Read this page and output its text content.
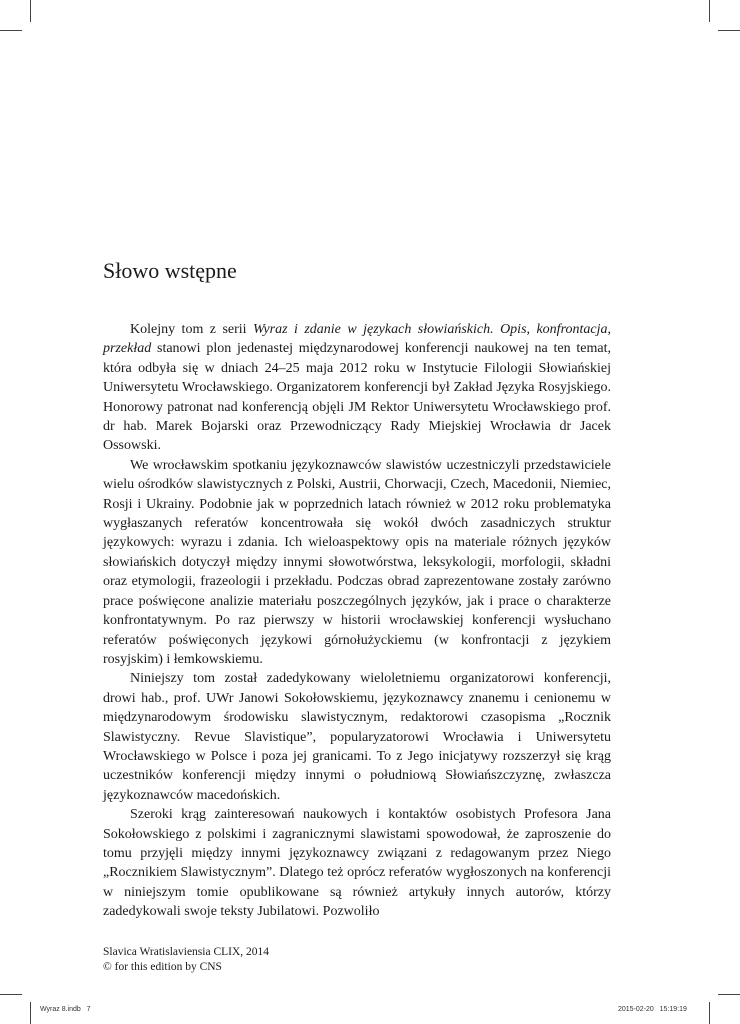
Słowo wstępne

Kolejny tom z serii Wyraz i zdanie w językach słowiańskich. Opis, konfrontacja, przekład stanowi plon jedenastej międzynarodowej konferencji naukowej na ten temat, która odbyła się w dniach 24–25 maja 2012 roku w Instytucie Filologii Słowiańskiej Uniwersytetu Wrocławskiego. Organizatorem konferencji był Zakład Języka Rosyjskiego. Honorowy patronat nad konferencją objęli JM Rektor Uniwersytetu Wrocławskiego prof. dr hab. Marek Bojarski oraz Przewodniczący Rady Miejskiej Wrocławia dr Jacek Ossowski.

We wrocławskim spotkaniu językoznawców slawistów uczestniczyli przedstawiciele wielu ośrodków slawistycznych z Polski, Austrii, Chorwacji, Czech, Macedonii, Niemiec, Rosji i Ukrainy. Podobnie jak w poprzednich latach również w 2012 roku problematyka wygłaszanych referatów koncentrowała się wokół dwóch zasadniczych struktur językowych: wyrazu i zdania. Ich wieloaspektowy opis na materiale różnych języków słowiańskich dotyczył między innymi słowotwórstwa, leksykologii, morfologii, składni oraz etymologii, frazeologii i przekładu. Podczas obrad zaprezentowane zostały zarówno prace poświęcone analizie materiału poszczególnych języków, jak i prace o charakterze konfrontatywnym. Po raz pierwszy w historii wrocławskiej konferencji wysłuchano referatów poświęconych językowi górnołużyckiemu (w konfrontacji z językiem rosyjskim) i łemkowskiemu.

Niniejszy tom został zadedykowany wieloletniemu organizatorowi konferencji, drowi hab., prof. UWr Janowi Sokołowskiemu, językoznawcy znanemu i cenionemu w międzynarodowym środowisku slawistycznym, redaktorowi czasopisma „Rocznik Slawistyczny. Revue Slavistique”, popularyzatorowi Wrocławia i Uniwersytetu Wrocławskiego w Polsce i poza jej granicami. To z Jego inicjatywy rozszerzył się krąg uczestników konferencji między innymi o południową Słowiańszczyznę, zwłaszcza językoznawców macedońskich.

Szeroki krąg zainteresowań naukowych i kontaktów osobistych Profesora Jana Sokołowskiego z polskimi i zagranicznymi slawistami spowodował, że zaproszenie do tomu przyjęli między innymi językoznawcy związani z redagowanym przez Niego „Rocznikiem Slawistycznym”. Dlatego też oprócz referatów wygłoszonych na konferencji w niniejszym tomie opublikowane są również artykuły innych autorów, którzy zadedykowali swoje teksty Jubilatowi. Pozwoliło

Slavica Wratislaviensia CLIX, 2014
© for this edition by CNS
Wyraz 8.indb   7	2015-02-20   15:19:19
